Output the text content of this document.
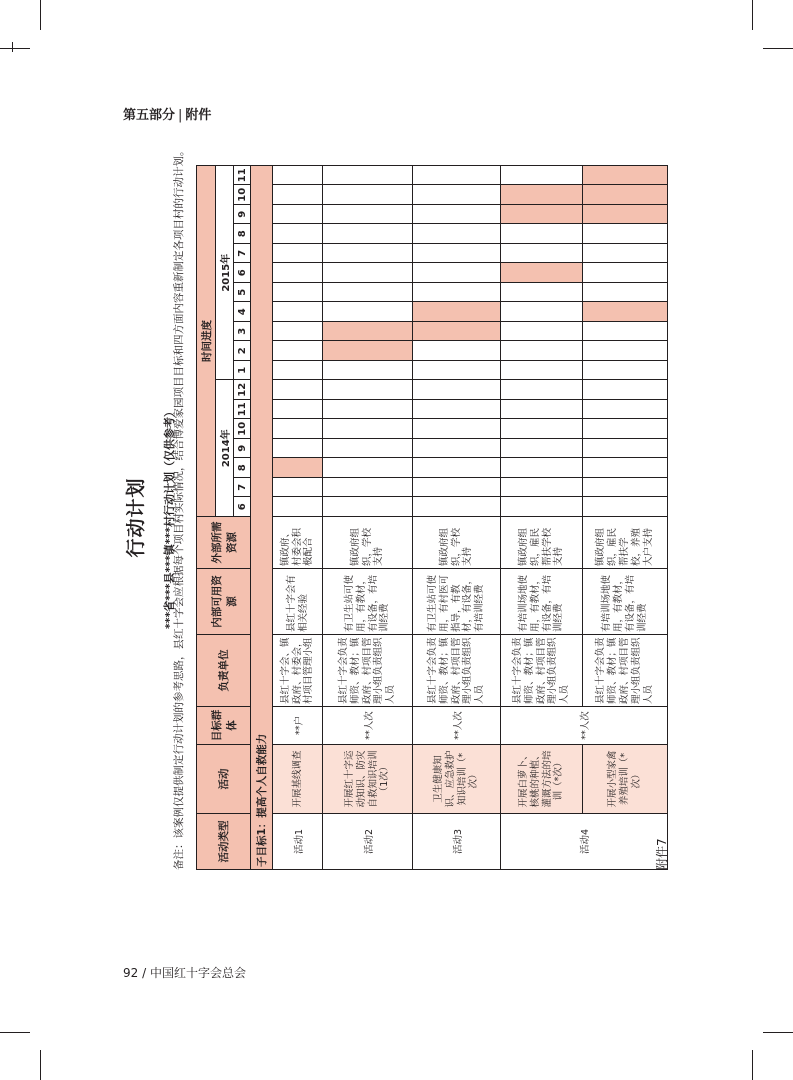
第五部分 | 附件
92 / 中国红十字会总会
行动计划 ***省***县***镇***村行动计划（仅供参考）
备注：该案例仅提供制定行动计划的参考思路，县红十字会应根据每个项目村实际情况，结合博爱家园项目目标和四方面内容重新制定各项目村的行动计划。	活动类型	活动	目标群体	负责单位	内部可用资源	外部所需资源	时间进度																	
						2014年							2015年										
						6	7	8	9	10	11	12	1	2	3	4	5	6	7	8	9	10	11
子目标1：提高个人自救能力																							
活动1	开展基线调查	**户	县红十字会、镇政府、村委会，村项目管理小组	县红十字会有相关经验	镇政府、村委会积极配合																		
活动2	开展红十字运动知识、防灾自救知识培训（1次）	**人次	县红十字会负责师资、教材；镇政府、村项目管理小组负责组织人员	有卫生站可使用，有教材，有设备，有培训经费	镇政府组织，学校支持																		
活动3	卫生健康知识、应急救护知识培训（*次）	**人次	县红十字会负责师资、教材；镇政府、村项目管理小组负责组织人员	有卫生站可使用，有村医可指导，有教材，有设备，有培训经费	镇政府组织，学校支持																		
活动4	开展白萝卜、核桃的种植、灌溉方法的培训（*次）	**人次	县红十字会负责师资、教材；镇政府、村项目管理小组负责组织人员	有培训场地使用，有教材，有设备，有培训经费	镇政府组织，雇民帮扶学校支持																		
	开展小型家禽养殖培训（*次）		县红十字会负责师资、教材；镇政府、村项目管理小组负责组织人员	有培训场地使用，有教材，有设备，有培训经费	镇政府组织，雇民帮扶学校，养殖大户支持																		
附件7
